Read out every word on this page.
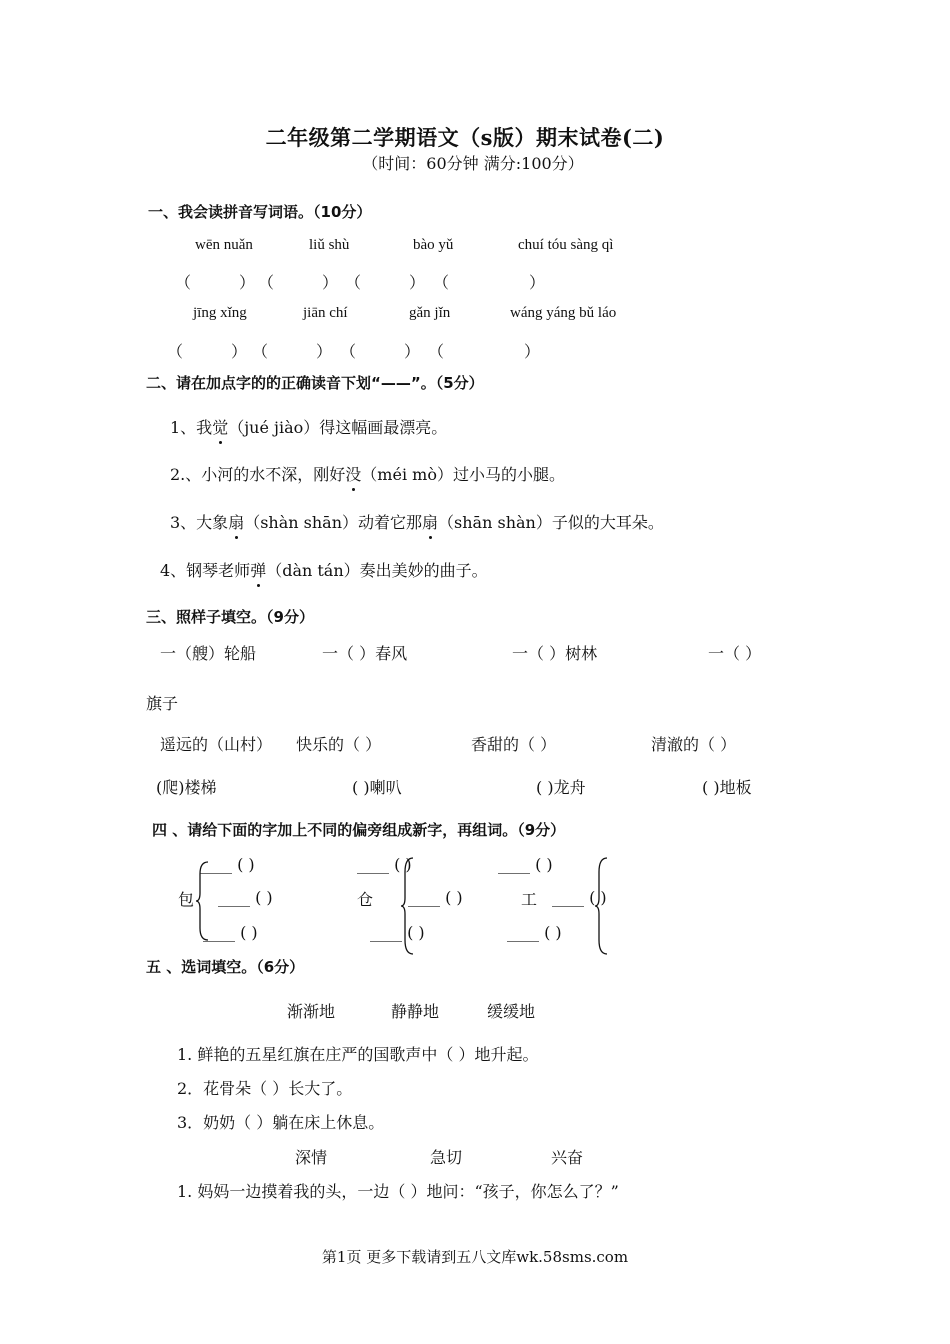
二年级第二学期语文（s版）期末试卷(二)
（时间：60分钟 满分:100分）
一、我会读拼音写词语。（10分）
wēn nuǎn	liǔ shù	bào yǔ	chuí tóu sàng qì
（　　　） （　　　） （　　　） （　　　　　）
jīng xǐng	jiān chí	gǎn jǐn	wáng yáng bǔ láo
（　　　） （　　　） （　　　） （　　　　　）
二、请在加点字的的正确读音下划“——”。（5分）
1、我觉（jué jiào）得这幅画最漂亮。
2.、小河的水不深，刚好没（méi mò）过小马的小腿。
3、大象扇（shàn shān）动着它那扇（shān shàn）子似的大耳朵。
4、钢琴老师弹（dàn tán）奏出美妙的曲子。
三、照样子填空。（9分）
一（艘）轮船	一（ ）春风	一（ ）树林	一（ ）
旗子
遥远的（山村） 快乐的（ ）	香甜的（ ）	清澈的（ ）
(爬)楼梯	( )喇叭	( )龙舟	( )地板
四 、请给下面的字加上不同的偏旁组成新字，再组词。（9分）
包
____ ( )
____ ( )
____ ( )
仓
____ ( )
____ ( )
____ ( )
工
____ ( )
____ ( )
____ ( )
五 、选词填空。（6分）
渐渐地	静静地	缓缓地
1. 鲜艳的五星红旗在庄严的国歌声中（ ）地升起。
2．花骨朵（ ）长大了。
3．奶奶（ ）躺在床上休息。
深情	急切	兴奋
1. 妈妈一边摸着我的头，一边（ ）地问：“孩子，你怎么了？”
第1页 更多下载请到五八文库wk.58sms.com
